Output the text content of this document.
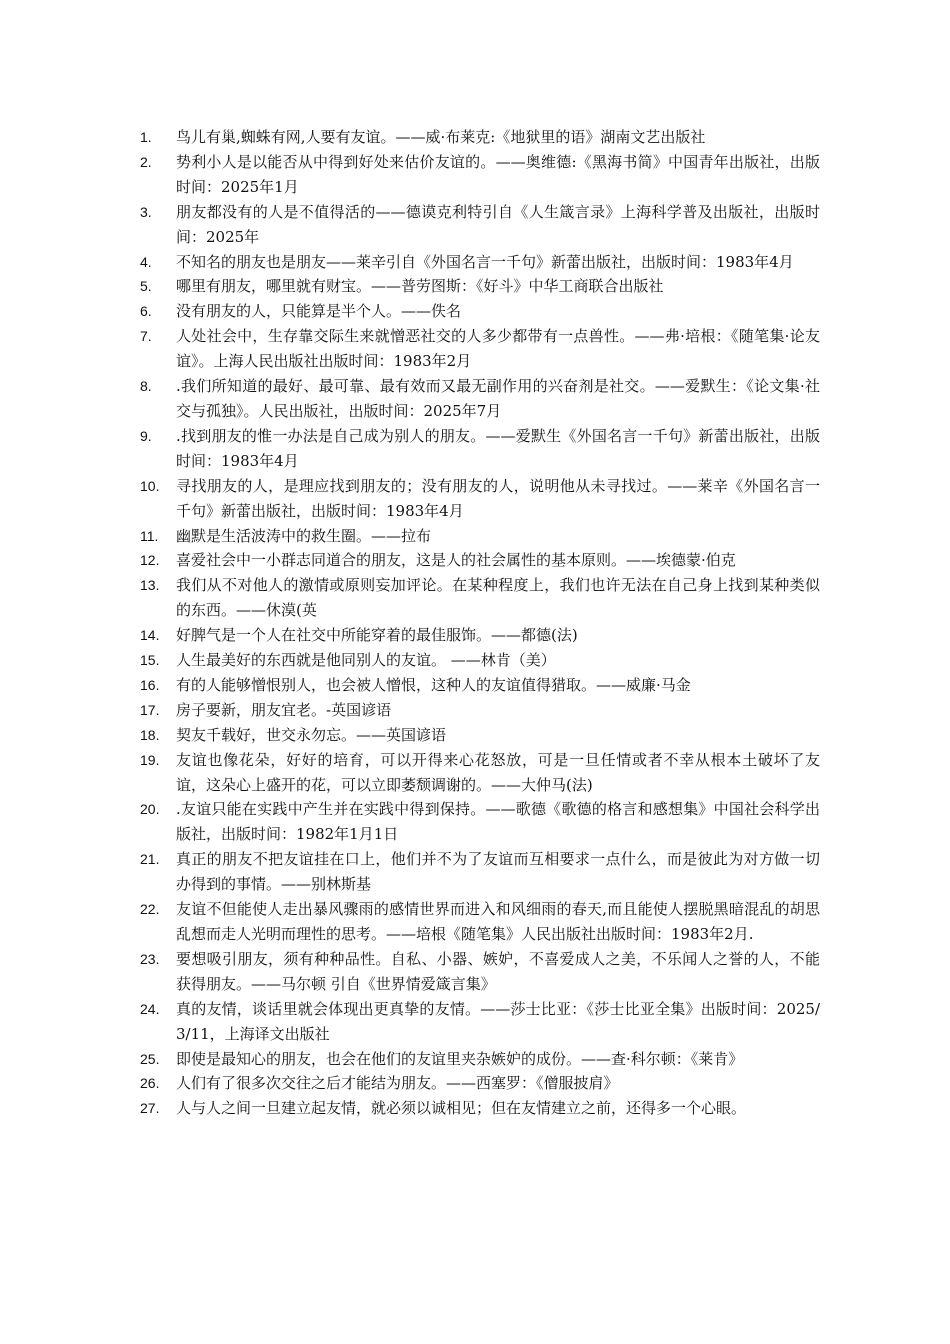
1.	鸟儿有巢,蜘蛛有网,人要有友谊。——威·布莱克:《地狱里的语》湖南文艺出版社
2.	势利小人是以能否从中得到好处来估价友谊的。——奥维德:《黑海书简》中国青年出版社，出版时间：2025年1月
3.	朋友都没有的人是不值得活的——德谟克利特引自《人生箴言录》上海科学普及出版社，出版时间：2025年
4.	不知名的朋友也是朋友——莱辛引自《外国名言一千句》新蕾出版社，出版时间：1983年4月
5.	哪里有朋友，哪里就有财宝。——普劳图斯：《好斗》中华工商联合出版社
6.	没有朋友的人，只能算是半个人。——佚名
7.	人处社会中，生存靠交际生来就憎恶社交的人多少都带有一点兽性。——弗·培根：《随笔集·论友谊》。上海人民出版社出版时间：1983年2月
8.	.我们所知道的最好、最可靠、最有效而又最无副作用的兴奋剂是社交。——爱默生：《论文集·社交与孤独》。人民出版社，出版时间：2025年7月
9.	.找到朋友的惟一办法是自己成为别人的朋友。——爱默生《外国名言一千句》新蕾出版社，出版时间：1983年4月
10.	寻找朋友的人，是理应找到朋友的；没有朋友的人，说明他从未寻找过。——莱辛《外国名言一千句》新蕾出版社，出版时间：1983年4月
11.	幽默是生活波涛中的救生圈。——拉布
12.	喜爱社会中一小群志同道合的朋友，这是人的社会属性的基本原则。——埃德蒙·伯克
13.	我们从不对他人的激情或原则妄加评论。在某种程度上，我们也许无法在自己身上找到某种类似的东西。——休漠(英
14.	好脾气是一个人在社交中所能穿着的最佳服饰。——都德(法)
15.	人生最美好的东西就是他同别人的友谊。 ——林肯（美）
16.	有的人能够憎恨别人，也会被人憎恨，这种人的友谊值得猎取。——威廉·马金
17.	房子要新，朋友宜老。-英国谚语
18.	契友千载好，世交永勿忘。——英国谚语
19.	友谊也像花朵，好好的培育，可以开得来心花怒放，可是一旦任情或者不幸从根本土破坏了友谊，这朵心上盛开的花，可以立即萎颓调谢的。——大仲马(法)
20.	.友谊只能在实践中产生并在实践中得到保持。——歌德《歌德的格言和感想集》中国社会科学出版社，出版时间：1982年1月1日
21.	真正的朋友不把友谊挂在口上，他们并不为了友谊而互相要求一点什么，而是彼此为对方做一切办得到的事情。——别林斯基
22.	友谊不但能使人走出暴风骤雨的感情世界而进入和风细雨的春天,而且能使人摆脱黑暗混乱的胡思乱想而走人光明而理性的思考。——培根《随笔集》人民出版社出版时间：1983年2月.
23.	要想吸引朋友，须有种种品性。自私、小器、嫉妒，不喜爱成人之美，不乐闻人之誉的人，不能获得朋友。——马尔顿 引自《世界情爱箴言集》
24.	真的友情，谈话里就会体现出更真挚的友情。——莎士比亚：《莎士比亚全集》出版时间：2025/3/11，上海译文出版社
25.	即使是最知心的朋友，也会在他们的友谊里夹杂嫉妒的成份。——查·科尔顿：《莱肯》
26.	人们有了很多次交往之后才能结为朋友。——西塞罗：《僧服披肩》
27.	人与人之间一旦建立起友情，就必须以诚相见；但在友情建立之前，还得多一个心眼。
